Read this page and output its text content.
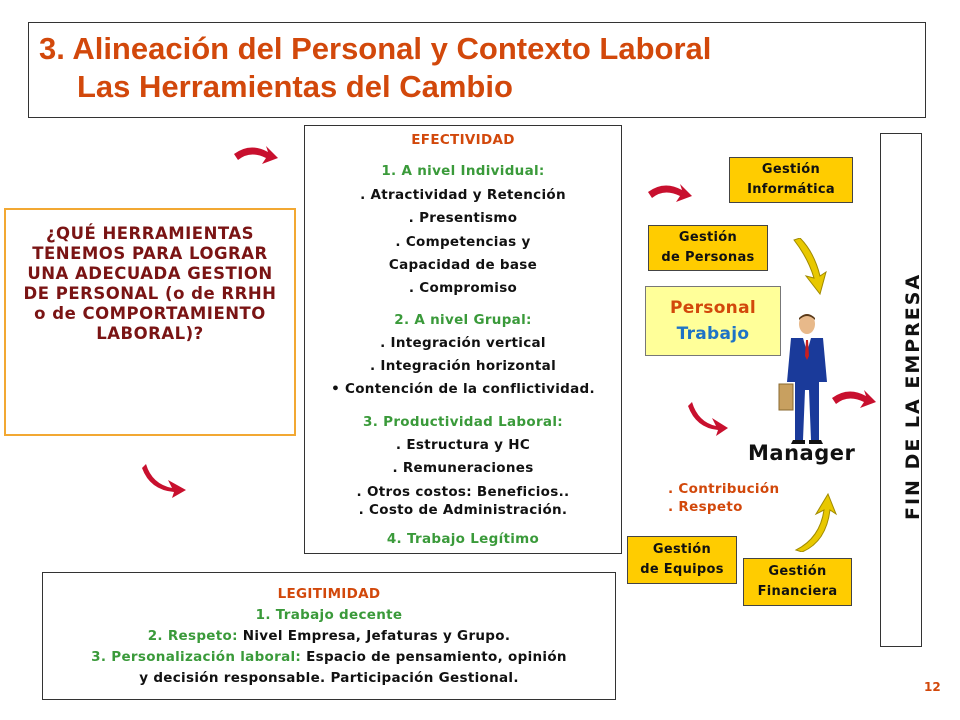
3. Alineación del Personal y Contexto Laboral
Las Herramientas del Cambio
¿QUÉ HERRAMIENTAS TENEMOS PARA LOGRAR UNA ADECUADA GESTION DE PERSONAL (o de RRHH o de COMPORTAMIENTO LABORAL)?
EFECTIVIDAD
1. A nivel Individual:
. Atractividad y Retención
. Presentismo
. Competencias y
Capacidad de base
. Compromiso
2. A nivel Grupal:
. Integración vertical
. Integración horizontal
• Contención de la conflictividad.
3. Productividad Laboral:
. Estructura y HC
. Remuneraciones
. Otros costos: Beneficios..
. Costo de Administración.
4. Trabajo Legítimo
LEGITIMIDAD
1. Trabajo decente
2. Respeto: Nivel Empresa, Jefaturas y Grupo.
3. Personalización laboral: Espacio de pensamiento, opinión
y decisión responsable. Participación Gestional.
Gestión
Informática
Gestión
de Personas
Personal
Trabajo
Gestión
de Equipos	Gestión
Financiera
FIN DE LA EMPRESA
Manager
. Contribución
. Respeto
12
